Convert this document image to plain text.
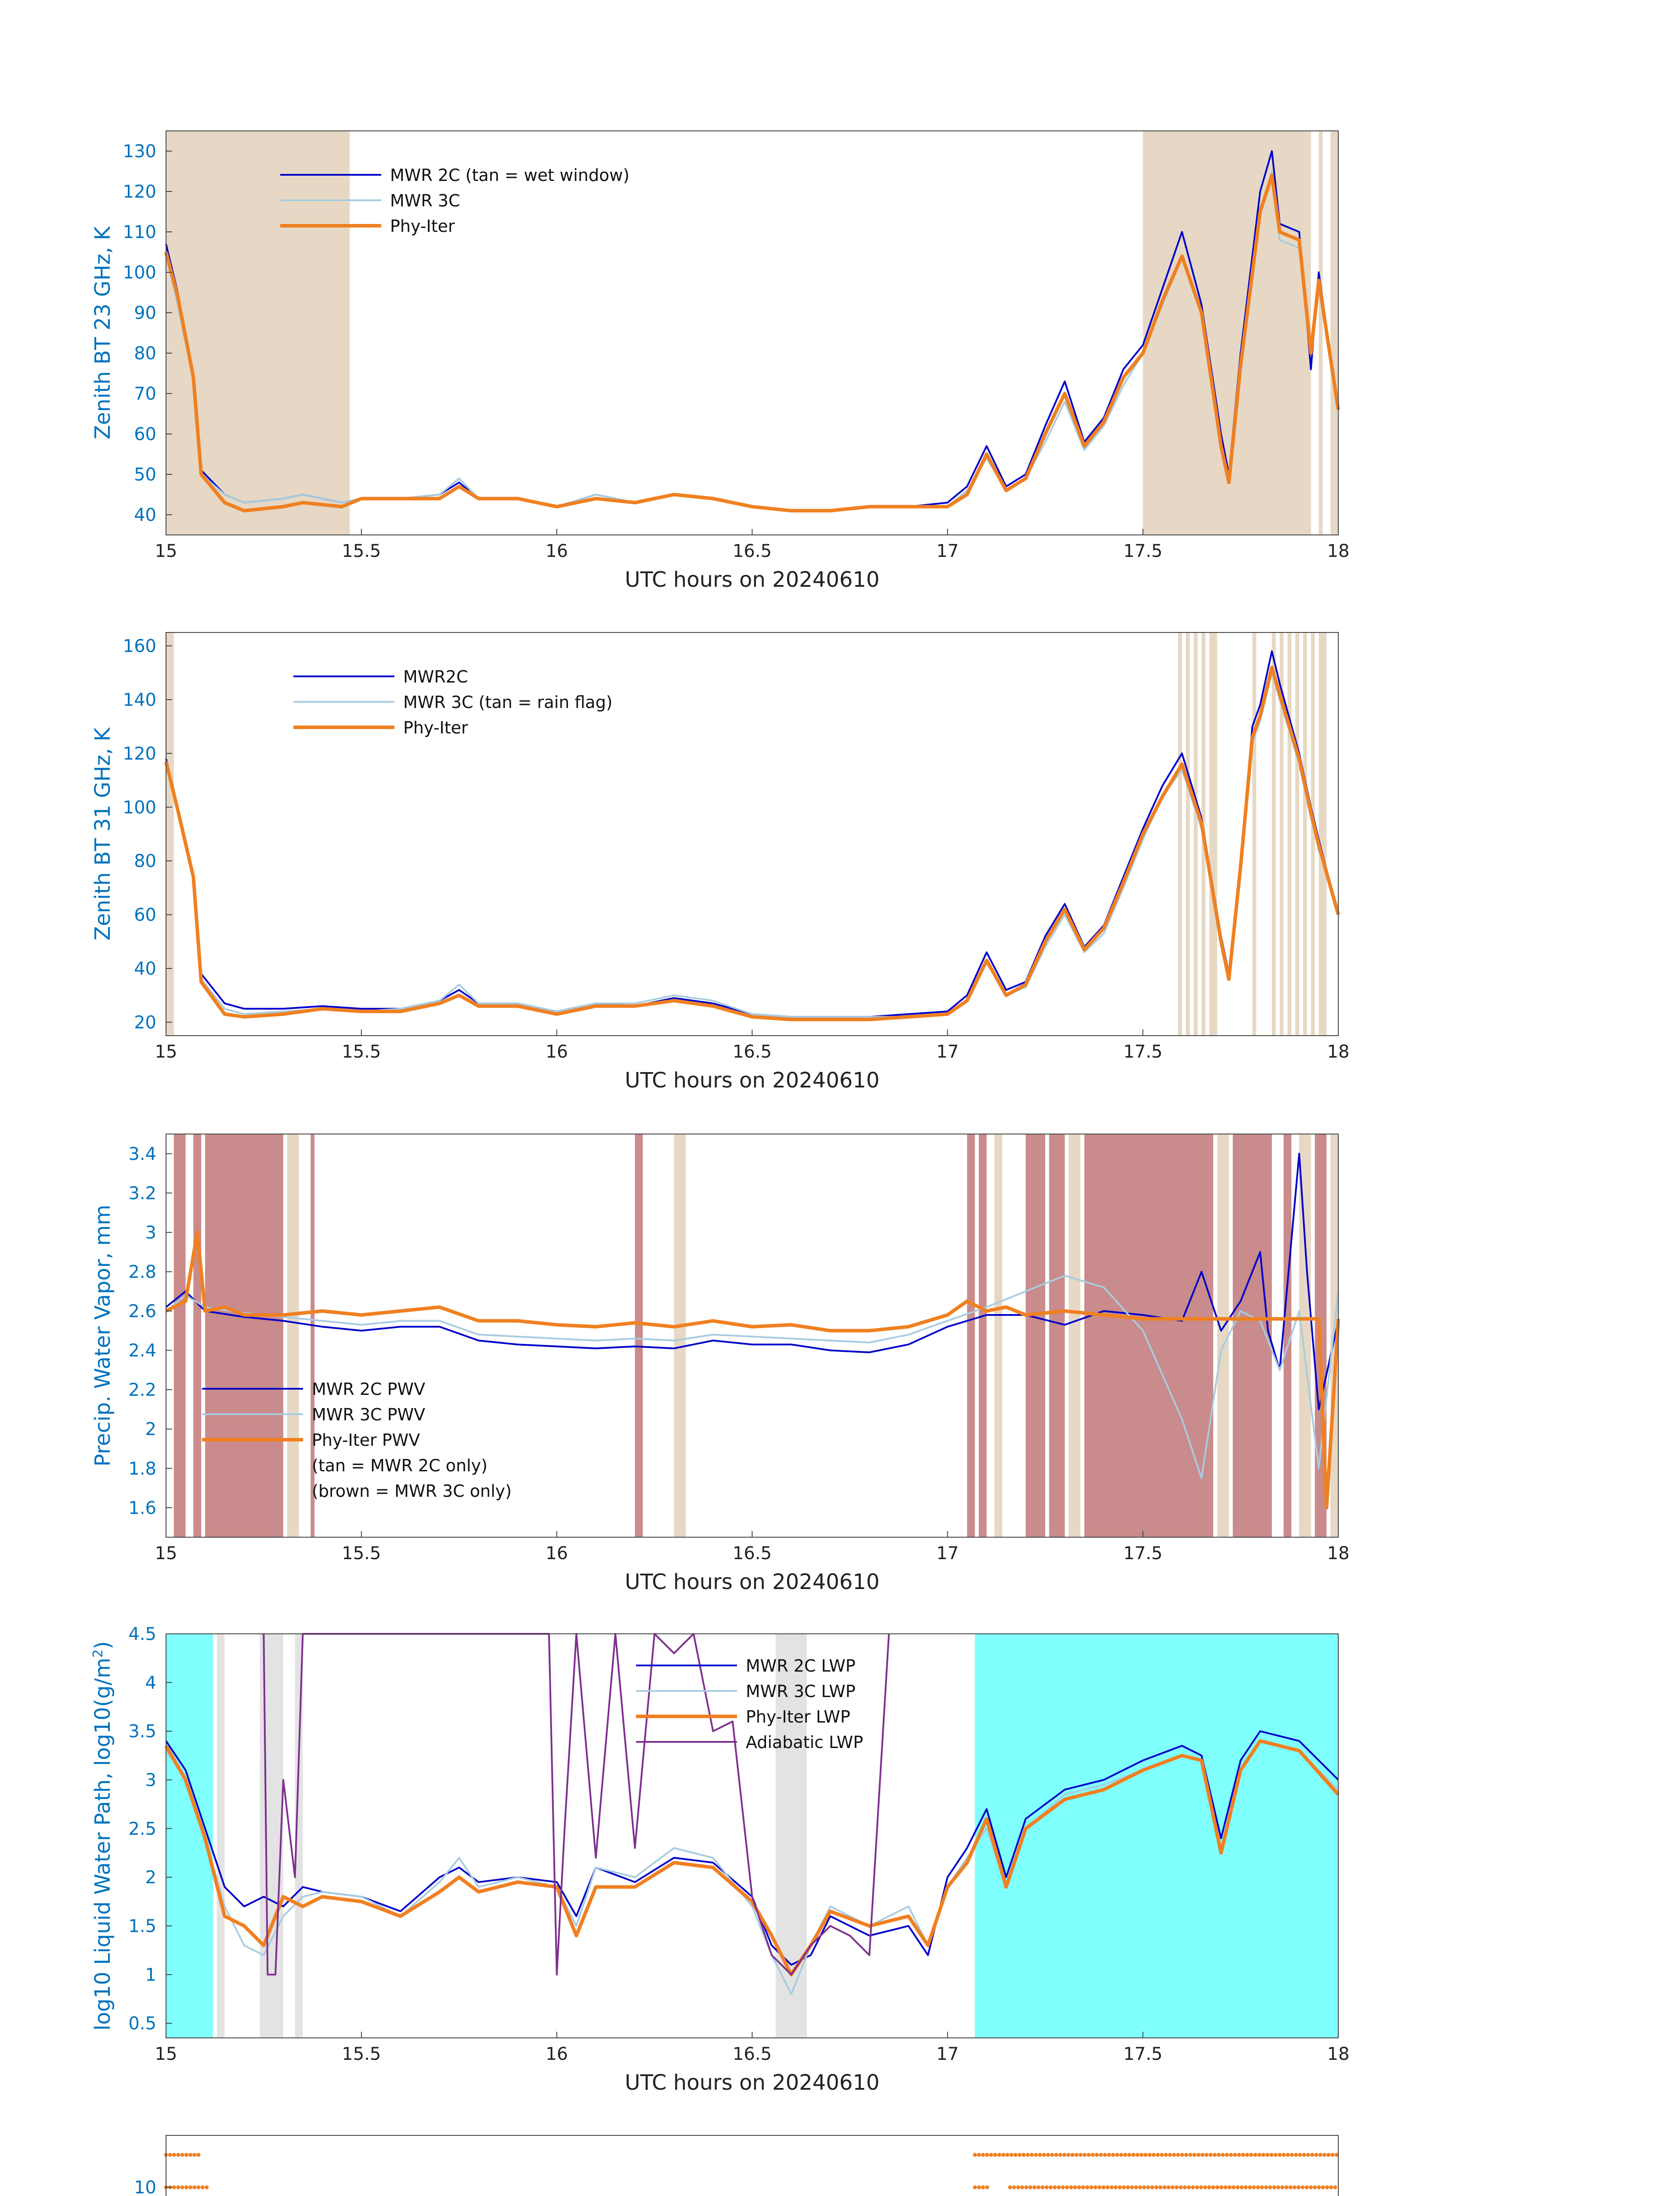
15	15.5	16	16.5	17	17.5	18
40
50
60
70
80
90
100
110
120
130
UTC hours on 20240610
Zenith BT 23 GHz, K
MWR 2C (tan = wet window)
MWR 3C
Phy-Iter
15	15.5	16	16.5	17	17.5	18
20
40
60
80
100
120
140
160
UTC hours on 20240610
Zenith BT 31 GHz, K
MWR2C
MWR 3C (tan = rain flag)
Phy-Iter
15	15.5	16	16.5	17	17.5	18
1.6
1.8
2
2.2
2.4
2.6
2.8
3
3.2
3.4
UTC hours on 20240610
Precip. Water Vapor, mm	MWR 2C PWV
MWR 3C PWV
Phy-Iter PWV
(tan = MWR 2C only)
(brown = MWR 3C only)
15	15.5	16	16.5	17	17.5	18
0.5
1
1.5
2
2.5
3
3.5
4
4.5
UTC hours on 20240610
log10 Liquid Water Path, $\log 10(g/m^2)$
MWR 2C LWP
MWR 3C LWP
Phy-Iter LWP
Adiabatic LWP
10
